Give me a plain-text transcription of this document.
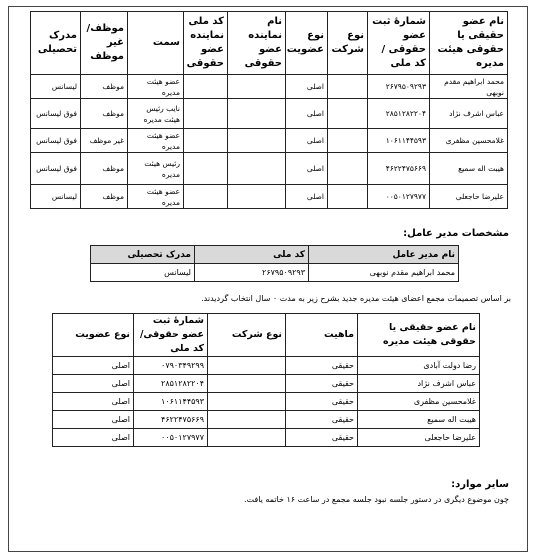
نام عضو حقیقی یا حقوقی هیئت مدیره	شمارهٔ ثبت عضو حقوقی / کد ملی	نوع شرکت	نوع عضویت	نام نماینده عضو حقوقی	کد ملی نماینده عضو حقوقی	سمت	موظف/غیر موظف	مدرک تحصیلی
محمد ابراهیم مقدم نوبهی	۲۶۷۹۵۰۹۲۹۳		اصلی			عضو هیئت مدیره	موظف	لیسانس
عباس اشرف نژاد	۲۸۵۱۲۸۲۲۰۴		اصلی			نایب رئیس هیئت مدیره	موظف	فوق لیسانس
غلامحسین مظفری	۱۰۶۱۱۴۴۵۹۳		اصلی			عضو هیئت مدیره	غیر موظف	فوق لیسانس
هیبت اله سمیع	۴۶۲۲۴۷۵۶۶۹		اصلی			رئیس هیئت مدیره	موظف	فوق لیسانس
علیرضا حاجعلی	۰۰۵۰۱۲۷۹۷۷		اصلی			عضو هیئت مدیره	موظف	لیسانس
مشخصات مدیر عامل:
نام مدیر عامل	کد ملی	مدرک تحصیلی
محمد ابراهیم مقدم نوبهی	۲۶۷۹۵۰۹۲۹۳	لیسانس
بر اساس تصمیمات مجمع اعضای هیئت مدیره جدید بشرح زیر به مدت ۰ سال انتخاب گردیدند.
نام عضو حقیقی یا حقوقی هیئت مدیره	ماهیت	نوع شرکت	شمارهٔ ثبت عضو حقوقی/کد ملی	نوع عضویت
رضا دولت آبادی	حقیقی		۰۷۹۰۳۴۹۲۹۹	اصلی
عباس اشرف نژاد	حقیقی		۲۸۵۱۲۸۲۲۰۴	اصلی
غلامحسین مظفری	حقیقی		۱۰۶۱۱۴۴۵۹۳	اصلی
هیبت اله سمیع	حقیقی		۴۶۲۲۴۷۵۶۶۹	اصلی
علیرضا حاجعلی	حقیقی		۰۰۵۰۱۲۷۹۷۷	اصلی
سایر موارد:
چون موضوع دیگری در دستور جلسه نبود جلسه مجمع در ساعت ۱۶ خاتمه یافت.
